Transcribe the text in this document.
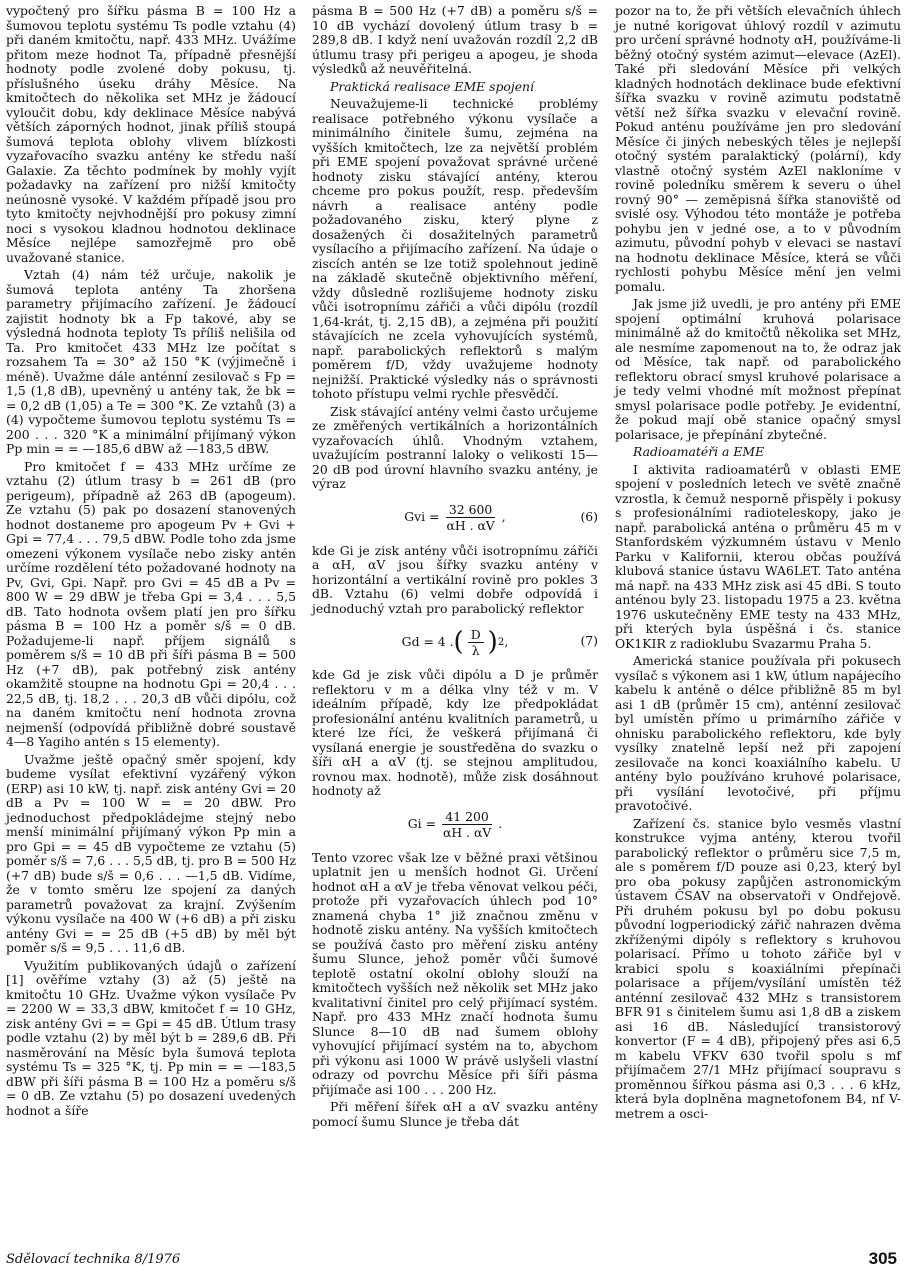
vypočtený pro šířku pásma B = 100 Hz a šumovou teplotu systému Ts podle vztahu (4) při daném kmitočtu, např. 433 MHz. Uvážíme přitom meze hodnot Ta, případně přesnější hodnoty podle zvolené doby pokusu, tj. příslušného úseku dráhy Měsíce. Na kmitočtech do několika set MHz je žádoucí vyloučit dobu, kdy deklinace Měsíce nabývá větších záporných hodnot, jinak příliš stoupá šumová teplota oblohy vlivem blízkosti vyzařovacího svazku antény ke středu naší Galaxie. Za těchto podmínek by mohly vyjít požadavky na zařízení pro nižší kmitočty neúnosně vysoké. V každém případě jsou pro tyto kmitočty nejvhodnější pro pokusy zimní noci s vysokou kladnou hodnotou deklinace Měsíce nejlépe samozřejmě pro obě uvažované stanice.

Vztah (4) nám též určuje, nakolik je šumová teplota antény Ta zhoršena parametry přijímacího zařízení. Je žádoucí zajistit hodnoty bk a Fp takové, aby se výsledná hodnota teploty Ts příliš nelišila od Ta. Pro kmitočet 433 MHz lze počítat s rozsahem Ta = 30° až 150 °K (výjimečně i méně). Uvažme dále anténní zesilovač s Fp = 1,5 (1,8 dB), upevněný u antény tak, že bk = = 0,2 dB (1,05) a Te = 300 °K. Ze vztahů (3) a (4) vypočteme šumovou teplotu systému Ts = 200 . . . 320 °K a minimální přijímaný výkon Pp min = = —185,6 dBW až —183,5 dBW.

Pro kmitočet f = 433 MHz určíme ze vztahu (2) útlum trasy b = 261 dB (pro perigeum), případně až 263 dB (apogeum). Ze vztahu (5) pak po dosazení stanovených hodnot dostaneme pro apogeum Pv + Gvi + Gpi = 77,4 . . . 79,5 dBW. Podle toho zda jsme omezeni výkonem vysílače nebo zisky antén určíme rozdělení této požadované hodnoty na Pv, Gvi, Gpi. Např. pro Gvi = 45 dB a Pv = 800 W = 29 dBW je třeba Gpi = 3,4 . . . 5,5 dB. Tato hodnota ovšem platí jen pro šířku pásma B = 100 Hz a poměr s/š = 0 dB. Požadujeme-li např. příjem signálů s poměrem s/š = 10 dB při šíři pásma B = 500 Hz (+7 dB), pak potřebný zisk antény okamžitě stoupne na hodnotu Gpi = 20,4 . . . 22,5 dB, tj. 18,2 . . . 20,3 dB vůči dipólu, což na daném kmitočtu není hodnota zrovna nejmenší (odpovídá přibližně dobré soustavě 4—8 Yagiho antén s 15 elementy).

Uvažme ještě opačný směr spojení, kdy budeme vysílat efektivní vyzářený výkon (ERP) asi 10 kW, tj. např. zisk antény Gvi = 20 dB a Pv = 100 W = = 20 dBW. Pro jednoduchost předpokládejme stejný nebo menší minimální přijímaný výkon Pp min a pro Gpi = = 45 dB vypočteme ze vztahu (5) poměr s/š = 7,6 . . . 5,5 dB, tj. pro B = 500 Hz (+7 dB) bude s/š = 0,6 . . . —1,5 dB. Vidíme, že v tomto směru lze spojení za daných parametrů považovat za krajní. Zvýšením výkonu vysílače na 400 W (+6 dB) a při zisku antény Gvi = = 25 dB (+5 dB) by měl být poměr s/š = 9,5 . . . 11,6 dB.

Využitím publikovaných údajů o zařízení [1] ověříme vztahy (3) až (5) ještě na kmitočtu 10 GHz. Uvažme výkon vysílače Pv = 2200 W = 33,3 dBW, kmitočet f = 10 GHz, zisk antény Gvi = = Gpi = 45 dB. Útlum trasy podle vztahu (2) by měl být b = 289,6 dB. Při nasměrování na Měsíc byla šumová teplota systému Ts = 325 °K, tj. Pp min = = —183,5 dBW při šíři pásma B = 100 Hz a poměru s/š = 0 dB. Ze vztahu (5) po dosazení uvedených hodnot a šíře

pásma B = 500 Hz (+7 dB) a poměru s/š = 10 dB vychází dovolený útlum trasy b = 289,8 dB. I když není uvažován rozdíl 2,2 dB útlumu trasy při perigeu a apogeu, je shoda výsledků až neuvěřitelná.

Praktická realisace EME spojení

Neuvažujeme-li technické problémy realisace potřebného výkonu vysílače a minimálního činitele šumu, zejména na vyšších kmitočtech, lze za největší problém při EME spojení považovat správné určené hodnoty zisku stávající antény, kterou chceme pro pokus použít, resp. především návrh a realisace antény podle požadovaného zisku, který plyne z dosažených či dosažitelných parametrů vysílacího a přijímacího zařízení. Na údaje o ziscích antén se lze totiž spolehnout jedině na základě skutečně objektivního měření, vždy důsledně rozlišujeme hodnoty zisku vůči isotropnímu zářiči a vůči dipólu (rozdíl 1,64-krát, tj. 2,15 dB), a zejména při použití stávajících ne zcela vyhovujících systémů, např. parabolických reflektorů s malým poměrem f/D, vždy uvažujeme hodnoty nejnižší. Praktické výsledky nás o správnosti tohoto přístupu velmi rychle přesvědčí.

Zisk stávající antény velmi často určujeme ze změřených vertikálních a horizontálních vyzařovacích úhlů. Vhodným vztahem, uvažujícím postranní laloky o velikosti 15—20 dB pod úrovní hlavního svazku antény, je výraz

Gvi = $\frac{32 600}{\alpha H . \alpha V}$ ,	(6)

kde Gi je zisk antény vůči isotropnímu zářiči a αH, αV jsou šířky svazku antény v horizontální a vertikální rovině pro pokles 3 dB. Vztahu (6) velmi dobře odpovídá i jednoduchý vztah pro parabolický reflektor

Gd = 4 . ( $\frac{D}{\lambda}$ ) 2 ,	(7)

kde Gd je zisk vůči dipólu a D je průměr reflektoru v m a délka vlny též v m. V ideálním případě, kdy lze předpokládat profesionální anténu kvalitních parametrů, u které lze říci, že veškerá přijímaná či vysílaná energie je soustředěna do svazku o šíři αH a αV (tj. se stejnou amplitudou, rovnou max. hodnotě), může zisk dosáhnout hodnoty až

$Gi = \frac{41 200}{\alpha H . \alpha V}$ .

Tento vzorec však lze v běžné praxi většinou uplatnit jen u menších hodnot Gi. Určení hodnot αH a αV je třeba věnovat velkou péči, protože při vyzařovacích úhlech pod 10° znamená chyba 1° již značnou změnu v hodnotě zisku antény. Na vyšších kmitočtech se používá často pro měření zisku antény šumu Slunce, jehož poměr vůči šumové teplotě ostatní okolní oblohy slouží na kmitočtech vyšších než několik set MHz jako kvalitativní činitel pro celý přijímací systém. Např. pro 433 MHz značí hodnota šumu Slunce 8—10 dB nad šumem oblohy vyhovující přijímací systém na to, abychom při výkonu asi 1000 W právě uslyšeli vlastní odrazy od povrchu Měsíce při šíři pásma přijímače asi 100 . . . 200 Hz.

Při měření šířek αH a αV svazku antény pomocí šumu Slunce je třeba dát

pozor na to, že při větších elevačních úhlech je nutné korigovat úhlový rozdíl v azimutu pro určení správné hodnoty αH, používáme-li běžný otočný systém azimut—elevace (AzEl). Také při sledování Měsíce při velkých kladných hodnotách deklinace bude efektivní šířka svazku v rovině azimutu podstatně větší než šířka svazku v elevační rovině. Pokud anténu používáme jen pro sledování Měsíce či jiných nebeských těles je nejlepší otočný systém paralaktický (polární), kdy vlastně otočný systém AzEl nakloníme v rovině poledníku směrem k severu o úhel rovný 90° — zeměpisná šířka stanoviště od svislé osy. Výhodou této montáže je potřeba pohybu jen v jedné ose, a to v původním azimutu, původní pohyb v elevaci se nastaví na hodnotu deklinace Měsíce, která se vůči rychlosti pohybu Měsíce mění jen velmi pomalu.

Jak jsme již uvedli, je pro antény při EME spojení optimální kruhová polarisace minimálně až do kmitočtů několika set MHz, ale nesmíme zapomenout na to, že odraz jak od Měsíce, tak např. od parabolického reflektoru obrací smysl kruhové polarisace a je tedy velmi vhodné mít možnost přepínat smysl polarisace podle potřeby. Je evidentní, že pokud mají obě stanice opačný smysl polarisace, je přepínání zbytečné.

Radioamatéři a EME

I aktivita radioamatérů v oblasti EME spojení v posledních letech ve světě značně vzrostla, k čemuž nesporně přispěly i pokusy s profesionálními radioteleskopy, jako je např. parabolická anténa o průměru 45 m v Stanfordském výzkumném ústavu v Menlo Parku v Kalifornii, kterou občas používá klubová stanice ústavu WA6LET. Tato anténa má např. na 433 MHz zisk asi 45 dBi. S touto anténou byly 23. listopadu 1975 a 23. května 1976 uskutečněny EME testy na 433 MHz, při kterých byla úspěšná i čs. stanice OK1KIR z radioklubu Svazarmu Praha 5.

Americká stanice používala při pokusech vysílač s výkonem asi 1 kW, útlum napájecího kabelu k anténě o délce přibližně 85 m byl asi 1 dB (průměr 15 cm), anténní zesilovač byl umístěn přímo u primárního zářiče v ohnisku parabolického reflektoru, kde byly vysílky znatelně lepší než při zapojení zesilovače na konci koaxiálního kabelu. U antény bylo používáno kruhové polarisace, při vysílání levotočivé, při příjmu pravotočivé.

Zařízení čs. stanice bylo vesměs vlastní konstrukce vyjma antény, kterou tvořil parabolický reflektor o průměru sice 7,5 m, ale s poměrem f/D pouze asi 0,23, který byl pro oba pokusy zapůjčen astronomickým ústavem ČSAV na observatoři v Ondřejově. Při druhém pokusu byl po dobu pokusu původní logperiodický zářič nahrazen dvěma zkříženými dipóly s reflektory s kruhovou polarisací. Přímo u tohoto zářiče byl v krabici spolu s koaxiálními přepínači polarisace a příjem/vysílání umístěn též anténní zesilovač 432 MHz s transistorem BFR 91 s činitelem šumu asi 1,8 dB a ziskem asi 16 dB. Následující transistorový konvertor (F = 4 dB), připojený přes asi 6,5 m kabelu VFKV 630 tvořil spolu s mf přijímačem 27/1 MHz přijímací soupravu s proměnnou šířkou pásma asi 0,3 . . . 6 kHz, která byla doplněna magnetofonem B4, nf V-metrem a osci-

Sdělovací technika 8/1976	305
